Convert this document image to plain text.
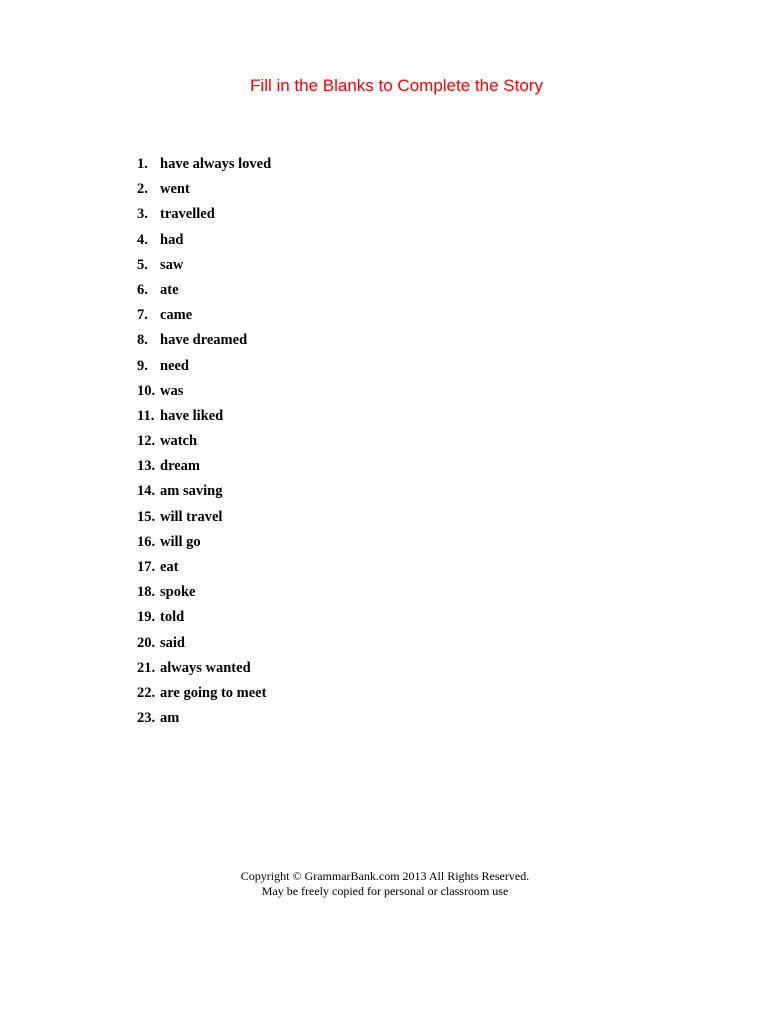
Fill in the Blanks to Complete the Story
1. have always loved
2. went
3. travelled
4. had
5. saw
6. ate
7. came
8. have dreamed
9. need
10. was
11. have liked
12. watch
13. dream
14. am saving
15. will travel
16. will go
17. eat
18. spoke
19. told
20. said
21. always wanted
22. are going to meet
23. am
Copyright © GrammarBank.com 2013 All Rights Reserved.
May be freely copied for personal or classroom use
